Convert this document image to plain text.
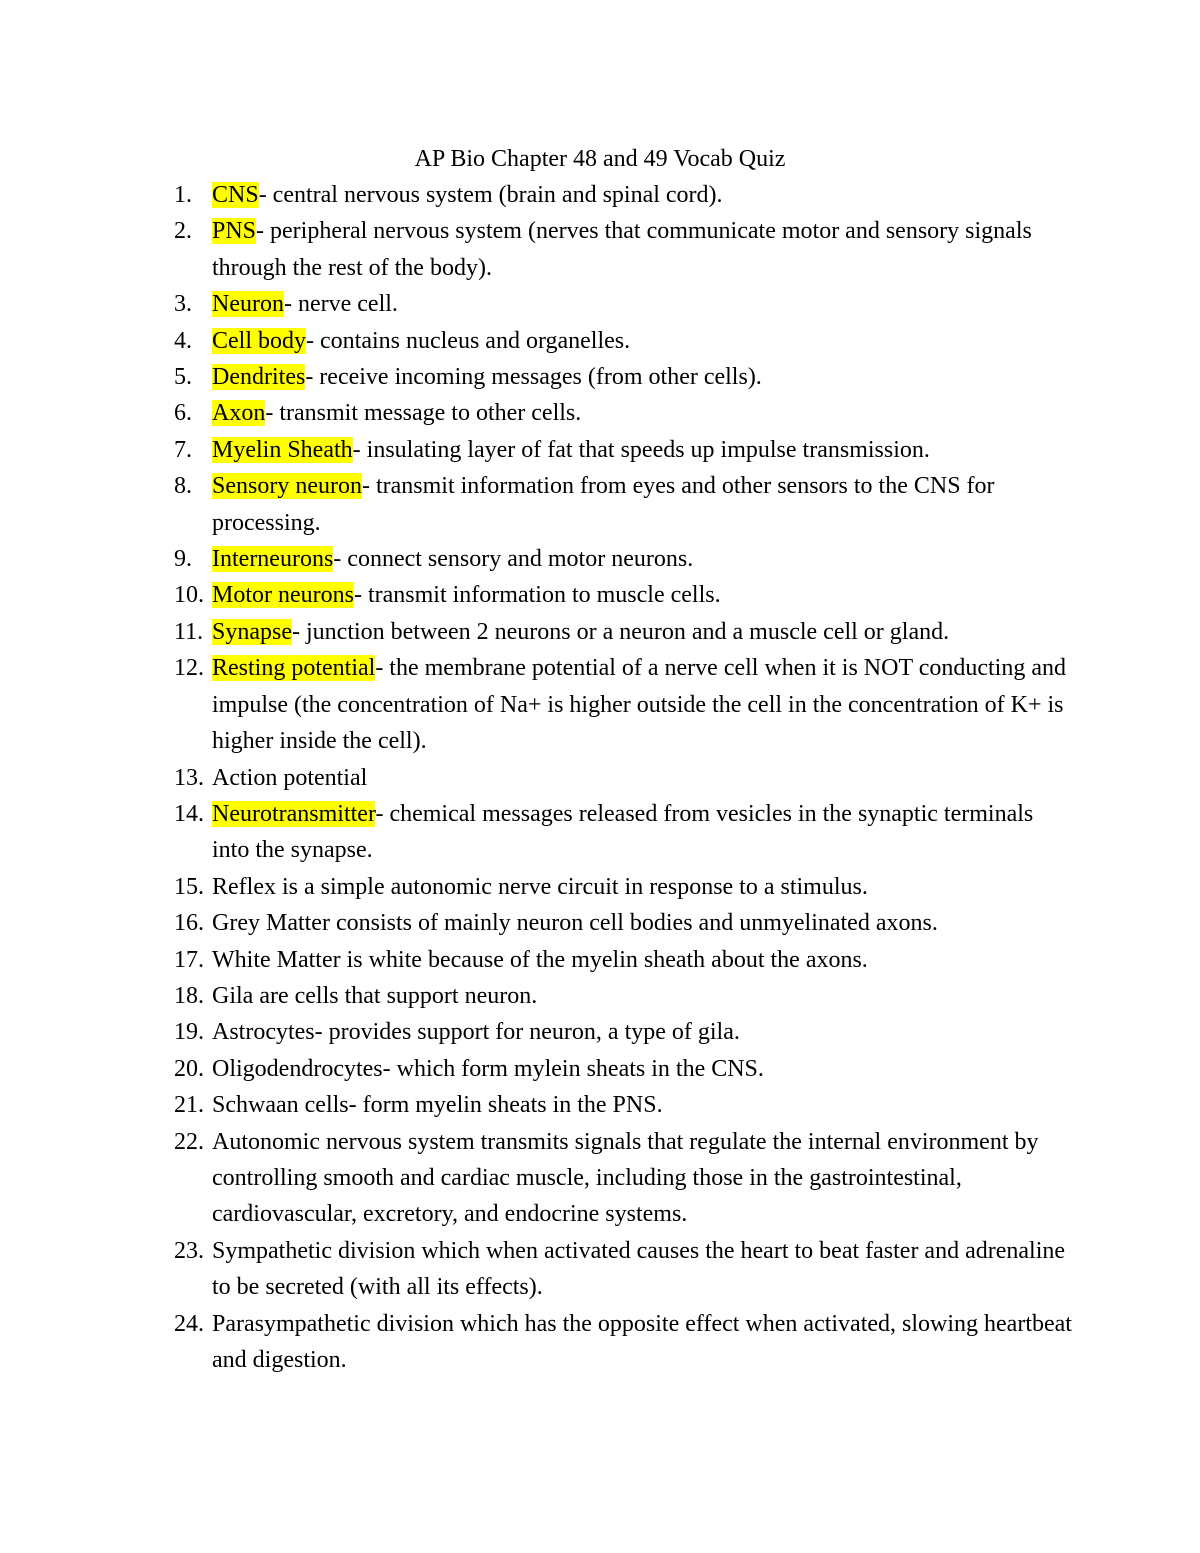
AP Bio Chapter 48 and 49 Vocab Quiz
1. CNS- central nervous system (brain and spinal cord).
2. PNS- peripheral nervous system (nerves that communicate motor and sensory signals through the rest of the body).
3. Neuron- nerve cell.
4. Cell body- contains nucleus and organelles.
5. Dendrites- receive incoming messages (from other cells).
6. Axon- transmit message to other cells.
7. Myelin Sheath- insulating layer of fat that speeds up impulse transmission.
8. Sensory neuron- transmit information from eyes and other sensors to the CNS for processing.
9. Interneurons- connect sensory and motor neurons.
10. Motor neurons- transmit information to muscle cells.
11. Synapse- junction between 2 neurons or a neuron and a muscle cell or gland.
12. Resting potential- the membrane potential of a nerve cell when it is NOT conducting and impulse (the concentration of Na+ is higher outside the cell in the concentration of K+ is higher inside the cell).
13. Action potential
14. Neurotransmitter- chemical messages released from vesicles in the synaptic terminals into the synapse.
15. Reflex is a simple autonomic nerve circuit in response to a stimulus.
16. Grey Matter consists of mainly neuron cell bodies and unmyelinated axons.
17. White Matter is white because of the myelin sheath about the axons.
18. Gila are cells that support neuron.
19. Astrocytes- provides support for neuron, a type of gila.
20. Oligodendrocytes- which form mylein sheats in the CNS.
21. Schwaan cells- form myelin sheats in the PNS.
22. Autonomic nervous system transmits signals that regulate the internal environment by controlling smooth and cardiac muscle, including those in the gastrointestinal, cardiovascular, excretory, and endocrine systems.
23. Sympathetic division which when activated causes the heart to beat faster and adrenaline to be secreted (with all its effects).
24. Parasympathetic division which has the opposite effect when activated, slowing heartbeat and digestion.
